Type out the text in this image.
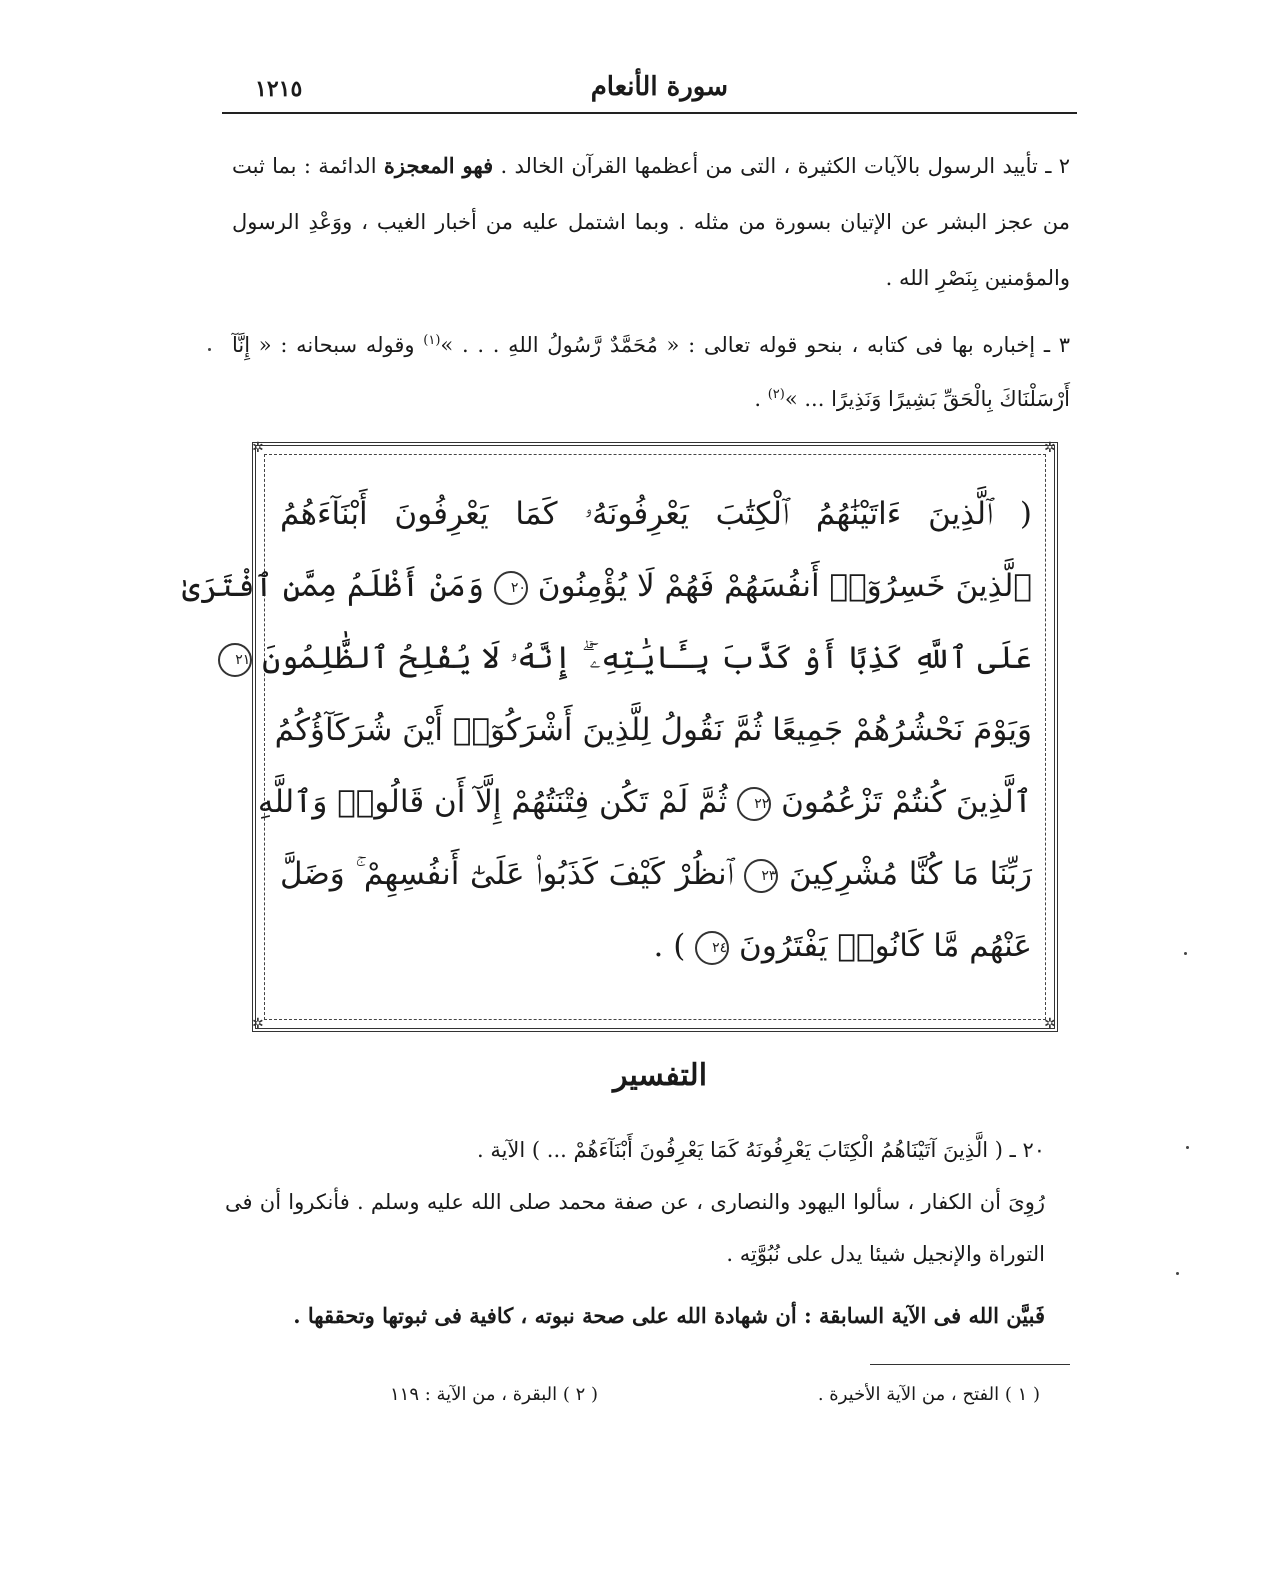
سورة الأنعام
١٢١٥
٢ ـ تأييد الرسول بالآيات الكثيرة ، التى من أعظمها القرآن الخالد . فهو المعجزة الدائمة : بما ثبت من عجز البشر عن الإتيان بسورة من مثله . وبما اشتمل عليه من أخبار الغيب ، ووَعْدِ الرسول والمؤمنين بِنَصْرِ الله .
٣ ـ إخباره بها فى كتابه ، بنحو قوله تعالى : « مُحَمَّدٌ رَّسُولُ اللهِ . . . »$^{(١)}$ وقوله سبحانه : « إِنَّآ أَرْسَلْنَاكَ بِالْحَقِّ بَشِيرًا وَنَذِيرًا ... »$^{(٢)}$ .
✲	✲
✲	✲
( ٱلَّذِينَ ءَاتَيْنَٰهُمُ ٱلْكِتَٰبَ يَعْرِفُونَهُۥ كَمَا يَعْرِفُونَ أَبْنَآءَهُمُ
ٱلَّذِينَ خَسِرُوٓا۟ أَنفُسَهُمْ فَهُمْ لَا يُؤْمِنُونَ ٢٠ وَمَنْ أَظْلَمُ مِمَّنِ ٱفْتَرَىٰ
عَلَى ٱللَّهِ كَذِبًا أَوْ كَذَّبَ بِـَٔايَٰتِهِۦٓ ۗ إِنَّهُۥ لَا يُفْلِحُ ٱلظَّٰلِمُونَ ٢١
وَيَوْمَ نَحْشُرُهُمْ جَمِيعًا ثُمَّ نَقُولُ لِلَّذِينَ أَشْرَكُوٓا۟ أَيْنَ شُرَكَآؤُكُمُ
ٱلَّذِينَ كُنتُمْ تَزْعُمُونَ ٢٢ ثُمَّ لَمْ تَكُن فِتْنَتُهُمْ إِلَّآ أَن قَالُوا۟ وَٱللَّهِ
رَبِّنَا مَا كُنَّا مُشْرِكِينَ ٢٣ ٱنظُرْ كَيْفَ كَذَبُوا۟ عَلَىٰٓ أَنفُسِهِمْ ۚ وَضَلَّ
عَنْهُم مَّا كَانُوا۟ يَفْتَرُونَ ٢٤ ) .
التفسير
٢٠ ـ ( الَّذِينَ آتَيْنَاهُمُ الْكِتَابَ يَعْرِفُونَهُ كَمَا يَعْرِفُونَ أَبْنَآءَهُمْ ... ) الآية .
رُوِىَ أن الكفار ، سألوا اليهود والنصارى ، عن صفة محمد صلى الله عليه وسلم . فأنكروا أن فى التوراة والإنجيل شيئا يدل على نُبُوَّتِه .
فَبيَّن الله فى الآية السابقة : أن شهادة الله على صحة نبوته ، كافية فى ثبوتها وتحققها .
( ١ ) الفتح ، من الآية الأخيرة .
( ٢ ) البقرة ، من الآية : ١١٩
